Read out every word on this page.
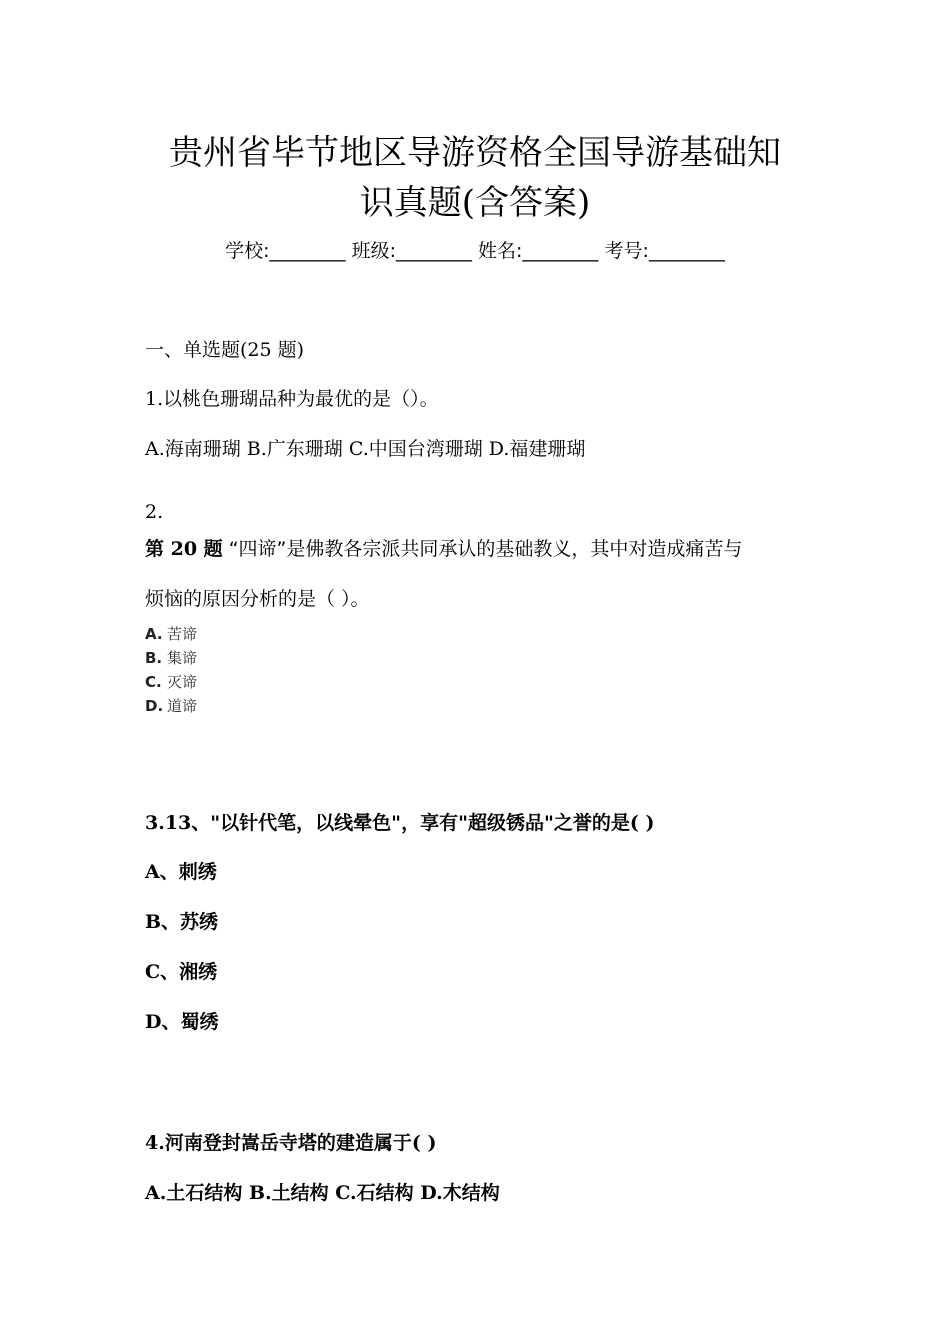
贵州省毕节地区导游资格全国导游基础知
识真题(含答案)
学校:________ 班级:________ 姓名:________ 考号:________
一、单选题(25 题)
1.以桃色珊瑚品种为最优的是（）。
A.海南珊瑚 B.广东珊瑚 C.中国台湾珊瑚 D.福建珊瑚
2.
第 20 题 “四谛”是佛教各宗派共同承认的基础教义，其中对造成痛苦与
烦恼的原因分析的是（ ）。
A. 苦谛
B. 集谛
C. 灭谛
D. 道谛
3.13、"以针代笔，以线晕色"，享有"超级锈品"之誉的是( )
A、刺绣
B、苏绣
C、湘绣
D、蜀绣
4.河南登封嵩岳寺塔的建造属于( )
A.土石结构 B.土结构 C.石结构 D.木结构
